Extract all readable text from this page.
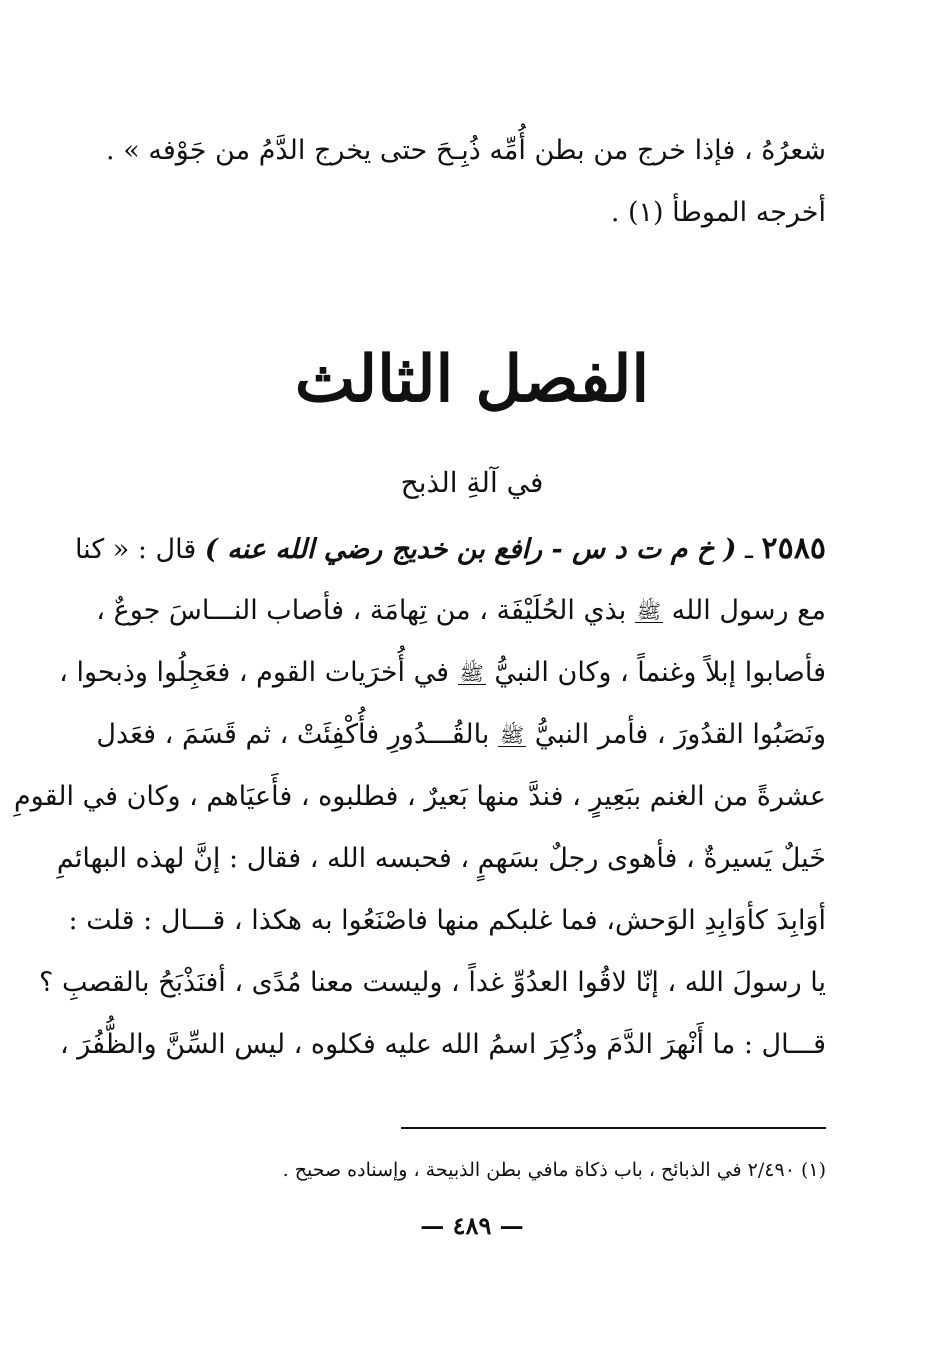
شعرُهُ ، فإذا خرج من بطن أُمِّه ذُبِـحَ حتى يخرج الدَّمُ من جَوْفه » .
أخرجه الموطأ (١) .
الفصل الثالث
في آلةِ الذبح
٢٥٨٥ ـ ( خ م ت د س - رافع بن خديج رضي الله عنه ) قال : « كنا
مع رسول الله ﷺ بذي الحُلَيْفَة ، من تِهامَة ، فأصاب النـــاسَ جوعٌ ،
فأصابوا إبلاً وغنماً ، وكان النبيُّ ﷺ في أُخرَيات القوم ، فعَجِلُوا وذبحوا ،
ونَصَبُوا القدُورَ ، فأمر النبيُّ ﷺ بالقُـــدُورِ فأُكْفِئَتْ ، ثم قَسَمَ ، فعَدل
عشرةً من الغنم ببَعِيرٍ ، فندَّ منها بَعيرٌ ، فطلبوه ، فأَعيَاهم ، وكان في القومِ
خَيلٌ يَسيرةٌ ، فأهوى رجلٌ بسَهمٍ ، فحبسه الله ، فقال : إنَّ لهذه البهائمِ
أوَابِدَ كأوَابِدِ الوَحش، فما غلبكم منها فاصْنَعُوا به هكذا ، قـــال : قلت :
يا رسولَ الله ، إنّا لاقُوا العدُوِّ غداً ، وليست معنا مُدًى ، أفنَذْبَحُ بالقصبِ ؟
قـــال : ما أَنْهرَ الدَّمَ وذُكِرَ اسمُ الله عليه فكلوه ، ليس السِّنَّ والظُّفُرَ ،
(١) ٢/٤٩٠ في الذبائح ، باب ذكاة مافي بطن الذبيحة ، وإسناده صحيح .
— ٤٨٩ —
